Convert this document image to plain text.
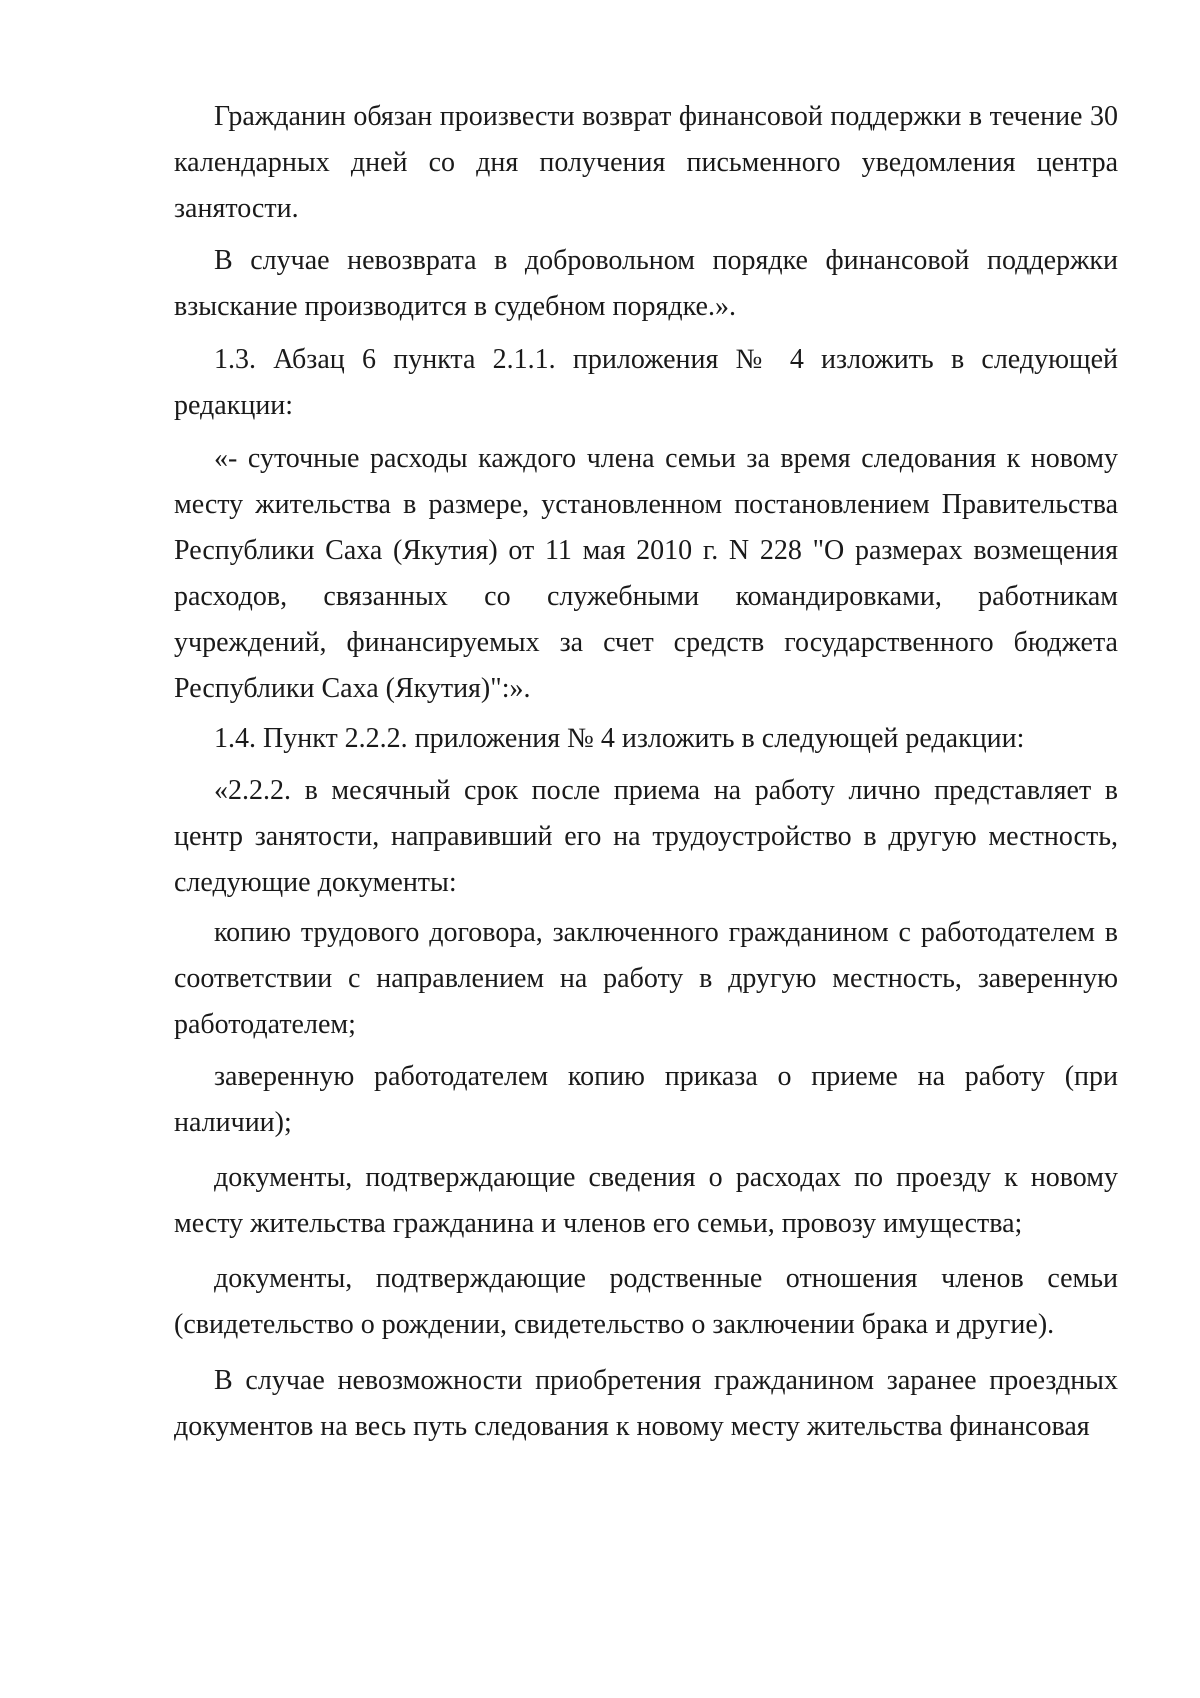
Гражданин обязан произвести возврат финансовой поддержки в течение 30 календарных дней со дня получения письменного уведомления центра занятости.

В случае невозврата в добровольном порядке финансовой поддержки взыскание производится в судебном порядке.».

1.3. Абзац 6 пункта 2.1.1. приложения № 4 изложить в следующей редакции:

«- суточные расходы каждого члена семьи за время следования к новому месту жительства в размере, установленном постановлением Правительства Республики Саха (Якутия) от 11 мая 2010 г. N 228 "О размерах возмещения расходов, связанных со служебными командировками, работникам учреждений, финансируемых за счет средств государственного бюджета Республики Саха (Якутия)":».

1.4. Пункт 2.2.2. приложения № 4 изложить в следующей редакции:

«2.2.2. в месячный срок после приема на работу лично представляет в центр занятости, направивший его на трудоустройство в другую местность, следующие документы:

копию трудового договора, заключенного гражданином с работодателем в соответствии с направлением на работу в другую местность, заверенную работодателем;

заверенную работодателем копию приказа о приеме на работу (при наличии);

документы, подтверждающие сведения о расходах по проезду к новому месту жительства гражданина и членов его семьи, провозу имущества;

документы, подтверждающие родственные отношения членов семьи (свидетельство о рождении, свидетельство о заключении брака и другие).

В случае невозможности приобретения гражданином заранее проездных документов на весь путь следования к новому месту жительства финансовая
